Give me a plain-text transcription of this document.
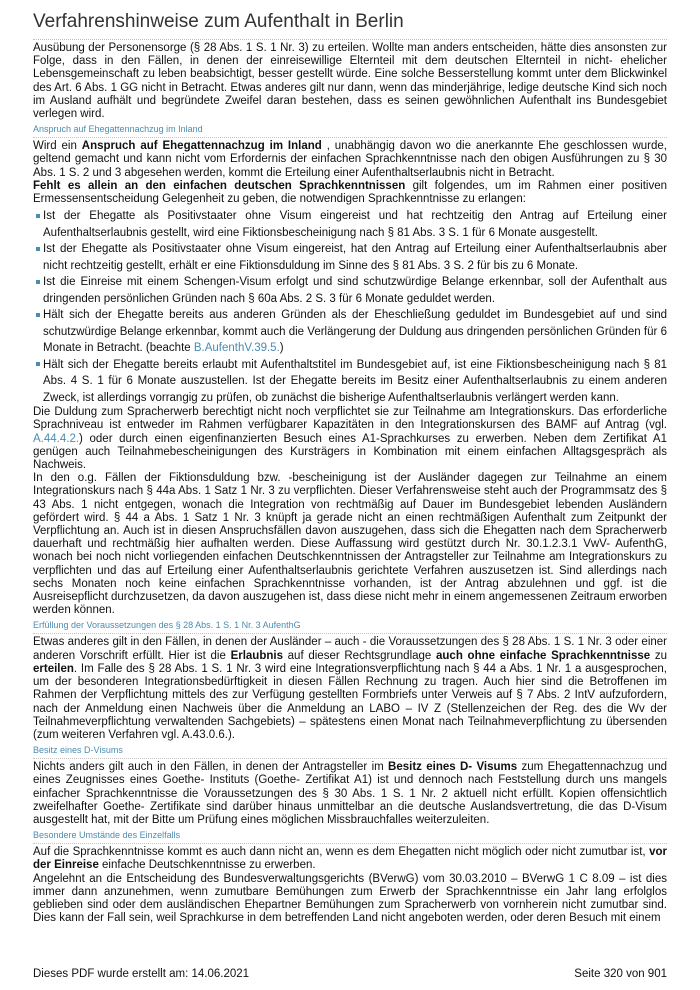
Verfahrenshinweise zum Aufenthalt in Berlin

Ausübung der Personensorge (§ 28 Abs. 1 S. 1 Nr. 3) zu erteilen. Wollte man anders entscheiden, hätte dies ansonsten zur Folge, dass in den Fällen, in denen der einreisewillige Elternteil mit dem deutschen Elternteil in nicht- ehelicher Lebensgemeinschaft zu leben beabsichtigt, besser gestellt würde. Eine solche Besserstellung kommt unter dem Blickwinkel des Art. 6 Abs. 1 GG nicht in Betracht. Etwas anderes gilt nur dann, wenn das minderjährige, ledige deutsche Kind sich noch im Ausland aufhält und begründete Zweifel daran bestehen, dass es seinen gewöhnlichen Aufenthalt ins Bundesgebiet verlegen wird.

Anspruch auf Ehegattennachzug im Inland

Wird ein Anspruch auf Ehegattennachzug im Inland , unabhängig davon wo die anerkannte Ehe geschlossen wurde, geltend gemacht und kann nicht vom Erfordernis der einfachen Sprachkenntnisse nach den obigen Ausführungen zu § 30 Abs. 1 S. 2 und 3 abgesehen werden, kommt die Erteilung einer Aufenthaltserlaubnis nicht in Betracht.

Fehlt es allein an den einfachen deutschen Sprachkenntnissen gilt folgendes, um im Rahmen einer positiven Ermessensentscheidung Gelegenheit zu geben, die notwendigen Sprachkenntnisse zu erlangen:

Ist der Ehegatte als Positivstaater ohne Visum eingereist und hat rechtzeitig den Antrag auf Erteilung einer Aufenthaltserlaubnis gestellt, wird eine Fiktionsbescheinigung nach § 81 Abs. 3 S. 1 für 6 Monate ausgestellt.
Ist der Ehegatte als Positivstaater ohne Visum eingereist, hat den Antrag auf Erteilung einer Aufenthaltserlaubnis aber nicht rechtzeitig gestellt, erhält er eine Fiktionsduldung im Sinne des § 81 Abs. 3 S. 2 für bis zu 6 Monate.
Ist die Einreise mit einem Schengen-Visum erfolgt und sind schutzwürdige Belange erkennbar, soll der Aufenthalt aus dringenden persönlichen Gründen nach § 60a Abs. 2 S. 3 für 6 Monate geduldet werden.
Hält sich der Ehegatte bereits aus anderen Gründen als der Eheschließung geduldet im Bundesgebiet auf und sind schutzwürdige Belange erkennbar, kommt auch die Verlängerung der Duldung aus dringenden persönlichen Gründen für 6 Monate in Betracht. (beachte B.AufenthV.39.5.)
Hält sich der Ehegatte bereits erlaubt mit Aufenthaltstitel im Bundesgebiet auf, ist eine Fiktionsbescheinigung nach § 81 Abs. 4 S. 1 für 6 Monate auszustellen. Ist der Ehegatte bereits im Besitz einer Aufenthaltserlaubnis zu einem anderen Zweck, ist allerdings vorrangig zu prüfen, ob zunächst die bisherige Aufenthaltserlaubnis verlängert werden kann.

Die Duldung zum Spracherwerb berechtigt nicht noch verpflichtet sie zur Teilnahme am Integrationskurs. Das erforderliche Sprachniveau ist entweder im Rahmen verfügbarer Kapazitäten in den Integrationskursen des BAMF auf Antrag (vgl. A.44.4.2.) oder durch einen eigenfinanzierten Besuch eines A1-Sprachkurses zu erwerben. Neben dem Zertifikat A1 genügen auch Teilnahmebescheinigungen des Kursträgers in Kombination mit einem einfachen Alltagsgespräch als Nachweis.

In den o.g. Fällen der Fiktionsduldung bzw. -bescheinigung ist der Ausländer dagegen zur Teilnahme an einem Integrationskurs nach § 44a Abs. 1 Satz 1 Nr. 3 zu verpflichten. Dieser Verfahrensweise steht auch der Programmsatz des § 43 Abs. 1 nicht entgegen, wonach die Integration von rechtmäßig auf Dauer im Bundesgebiet lebenden Ausländern gefördert wird. § 44 a Abs. 1 Satz 1 Nr. 3 knüpft ja gerade nicht an einen rechtmäßigen Aufenthalt zum Zeitpunkt der Verpflichtung an. Auch ist in diesen Anspruchsfällen davon auszugehen, dass sich die Ehegatten nach dem Spracherwerb dauerhaft und rechtmäßig hier aufhalten werden. Diese Auffassung wird gestützt durch Nr. 30.1.2.3.1 VwV- AufenthG, wonach bei noch nicht vorliegenden einfachen Deutschkenntnissen der Antragsteller zur Teilnahme am Integrationskurs zu verpflichten und das auf Erteilung einer Aufenthaltserlaubnis gerichtete Verfahren auszusetzen ist. Sind allerdings nach sechs Monaten noch keine einfachen Sprachkenntnisse vorhanden, ist der Antrag abzulehnen und ggf. ist die Ausreisepflicht durchzusetzen, da davon auszugehen ist, dass diese nicht mehr in einem angemessenen Zeitraum erworben werden können.

Erfüllung der Voraussetzungen des § 28 Abs. 1 S. 1 Nr. 3 AufenthG

Etwas anderes gilt in den Fällen, in denen der Ausländer – auch - die Voraussetzungen des § 28 Abs. 1 S. 1 Nr. 3 oder einer anderen Vorschrift erfüllt. Hier ist die Erlaubnis auf dieser Rechtsgrundlage auch ohne einfache Sprachkenntnisse zu erteilen. Im Falle des § 28 Abs. 1 S. 1 Nr. 3 wird eine Integrationsverpflichtung nach § 44 a Abs. 1 Nr. 1 a ausgesprochen, um der besonderen Integrationsbedürftigkeit in diesen Fällen Rechnung zu tragen. Auch hier sind die Betroffenen im Rahmen der Verpflichtung mittels des zur Verfügung gestellten Formbriefs unter Verweis auf § 7 Abs. 2 IntV aufzufordern, nach der Anmeldung einen Nachweis über die Anmeldung an LABO – IV Z (Stellenzeichen der Reg. des die Wv der Teilnahmeverpflichtung verwaltenden Sachgebiets) – spätestens einen Monat nach Teilnahmeverpflichtung zu übersenden (zum weiteren Verfahren vgl. A.43.0.6.).

Besitz eines D-Visums

Nichts anders gilt auch in den Fällen, in denen der Antragsteller im Besitz eines D- Visums zum Ehegattennachzug und eines Zeugnisses eines Goethe- Instituts (Goethe- Zertifikat A1) ist und dennoch nach Feststellung durch uns mangels einfacher Sprachkenntnisse die Voraussetzungen des § 30 Abs. 1 S. 1 Nr. 2 aktuell nicht erfüllt. Kopien offensichtlich zweifelhafter Goethe- Zertifikate sind darüber hinaus unmittelbar an die deutsche Auslandsvertretung, die das D-Visum ausgestellt hat, mit der Bitte um Prüfung eines möglichen Missbrauchfalles weiterzuleiten.

Besondere Umstände des Einzelfalls

Auf die Sprachkenntnisse kommt es auch dann nicht an, wenn es dem Ehegatten nicht möglich oder nicht zumutbar ist, vor der Einreise einfache Deutschkenntnisse zu erwerben.

Angelehnt an die Entscheidung des Bundesverwaltungsgerichts (BVerwG) vom 30.03.2010 – BVerwG 1 C 8.09 – ist dies immer dann anzunehmen, wenn zumutbare Bemühungen zum Erwerb der Sprachkenntnisse ein Jahr lang erfolglos geblieben sind oder dem ausländischen Ehepartner Bemühungen zum Spracherwerb von vornherein nicht zumutbar sind. Dies kann der Fall sein, weil Sprachkurse in dem betreffenden Land nicht angeboten werden, oder deren Besuch mit einem

Dieses PDF wurde erstellt am: 14.06.2021	Seite 320 von 901
